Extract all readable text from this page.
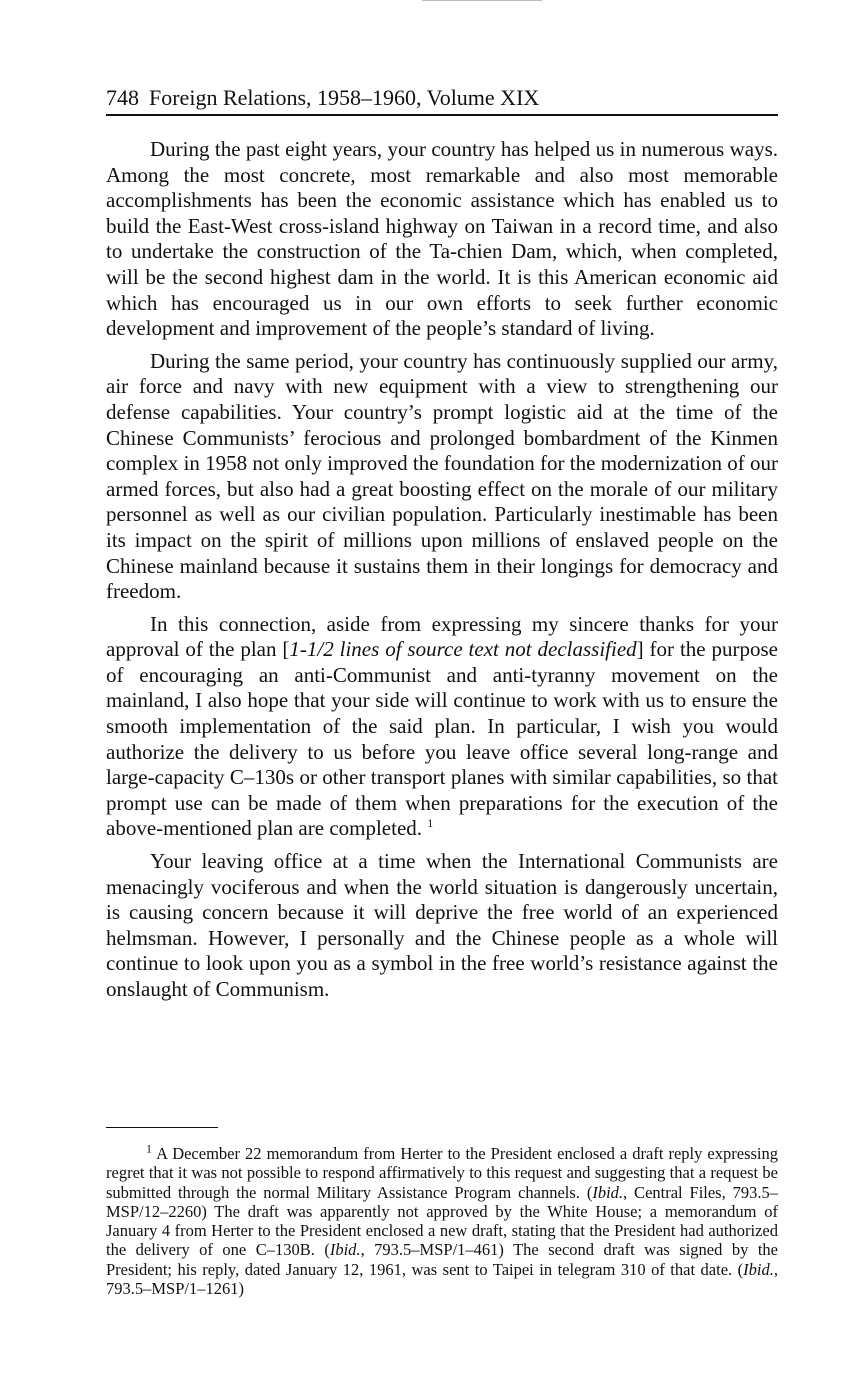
748 Foreign Relations, 1958–1960, Volume XIX

During the past eight years, your country has helped us in numerous ways. Among the most concrete, most remarkable and also most memorable accomplishments has been the economic assistance which has enabled us to build the East-West cross-island highway on Taiwan in a record time, and also to undertake the construction of the Ta-chien Dam, which, when completed, will be the second highest dam in the world. It is this American economic aid which has encouraged us in our own efforts to seek further economic development and improvement of the people’s standard of living.

During the same period, your country has continuously supplied our army, air force and navy with new equipment with a view to strengthening our defense capabilities. Your country’s prompt logistic aid at the time of the Chinese Communists’ ferocious and prolonged bombardment of the Kinmen complex in 1958 not only improved the foundation for the modernization of our armed forces, but also had a great boosting effect on the morale of our military personnel as well as our civilian population. Particularly inestimable has been its impact on the spirit of millions upon millions of enslaved people on the Chinese mainland because it sustains them in their longings for democracy and freedom.

In this connection, aside from expressing my sincere thanks for your approval of the plan [1-1/2 lines of source text not declassified] for the purpose of encouraging an anti-Communist and anti-tyranny movement on the mainland, I also hope that your side will continue to work with us to ensure the smooth implementation of the said plan. In particular, I wish you would authorize the delivery to us before you leave office several long-range and large-capacity C–130s or other transport planes with similar capabilities, so that prompt use can be made of them when preparations for the execution of the above-mentioned plan are completed. $^1$

Your leaving office at a time when the International Communists are menacingly vociferous and when the world situation is dangerously uncertain, is causing concern because it will deprive the free world of an experienced helmsman. However, I personally and the Chinese people as a whole will continue to look upon you as a symbol in the free world’s resistance against the onslaught of Communism.

$^1$ A December 22 memorandum from Herter to the President enclosed a draft reply expressing regret that it was not possible to respond affirmatively to this request and suggesting that a request be submitted through the normal Military Assistance Program channels. (Ibid., Central Files, 793.5–MSP/12–2260) The draft was apparently not approved by the White House; a memorandum of January 4 from Herter to the President enclosed a new draft, stating that the President had authorized the delivery of one C–130B. (Ibid., 793.5–MSP/1–461) The second draft was signed by the President; his reply, dated January 12, 1961, was sent to Taipei in telegram 310 of that date. (Ibid., 793.5–MSP/1–1261)
